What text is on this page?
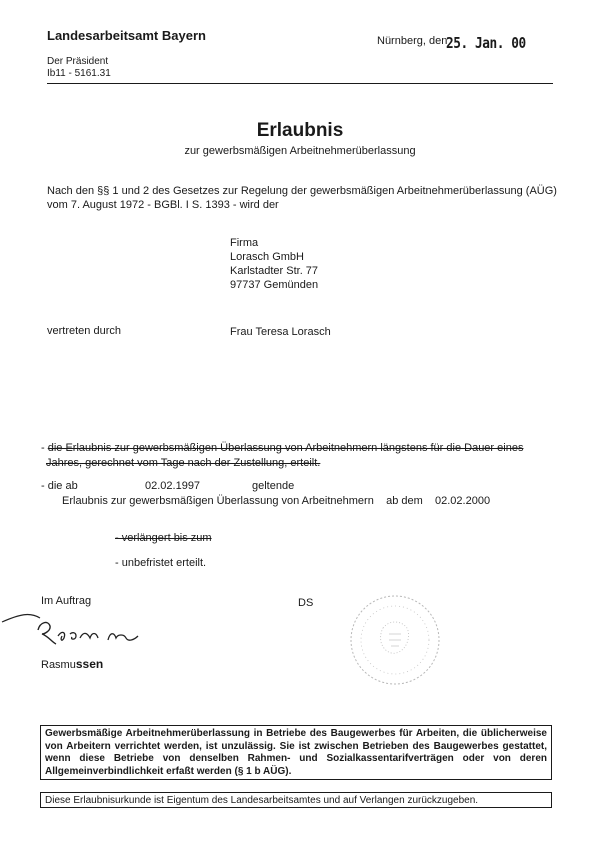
Landesarbeitsamt Bayern	Nürnberg, den
25. Jan. 00
Der Präsident
Ib11 - 5161.31
Erlaubnis
zur gewerbsmäßigen Arbeitnehmerüberlassung
Nach den §§ 1 und 2 des Gesetzes zur Regelung der gewerbsmäßigen Arbeitnehmerüberlassung (AÜG) vom 7. August 1972 - BGBl. I S. 1393 - wird der
Firma
Lorasch GmbH
Karlstadter Str. 77
97737 Gemünden
vertreten durch	Frau Teresa Lorasch
- die Erlaubnis zur gewerbsmäßigen Überlassung von Arbeitnehmern längstens für die Dauer eines
Jahres, gerechnet vom Tage nach der Zustellung, erteilt.
- die ab	02.02.1997	geltende
Erlaubnis zur gewerbsmäßigen Überlassung von Arbeitnehmern ab dem 02.02.2000
- verlängert bis zum
- unbefristet erteilt.
Im Auftrag	DS
Rasmussen
Gewerbsmäßige Arbeitnehmerüberlassung in Betriebe des Baugewerbes für Arbeiten, die üblicherweise von Arbeitern verrichtet werden, ist unzulässig. Sie ist zwischen Betrieben des Baugewerbes gestattet, wenn diese Betriebe von denselben Rahmen- und Sozialkassentarifverträgen oder von deren Allgemeinverbindlichkeit erfaßt werden (§ 1 b AÜG).
Diese Erlaubnisurkunde ist Eigentum des Landesarbeitsamtes und auf Verlangen zurückzugeben.
